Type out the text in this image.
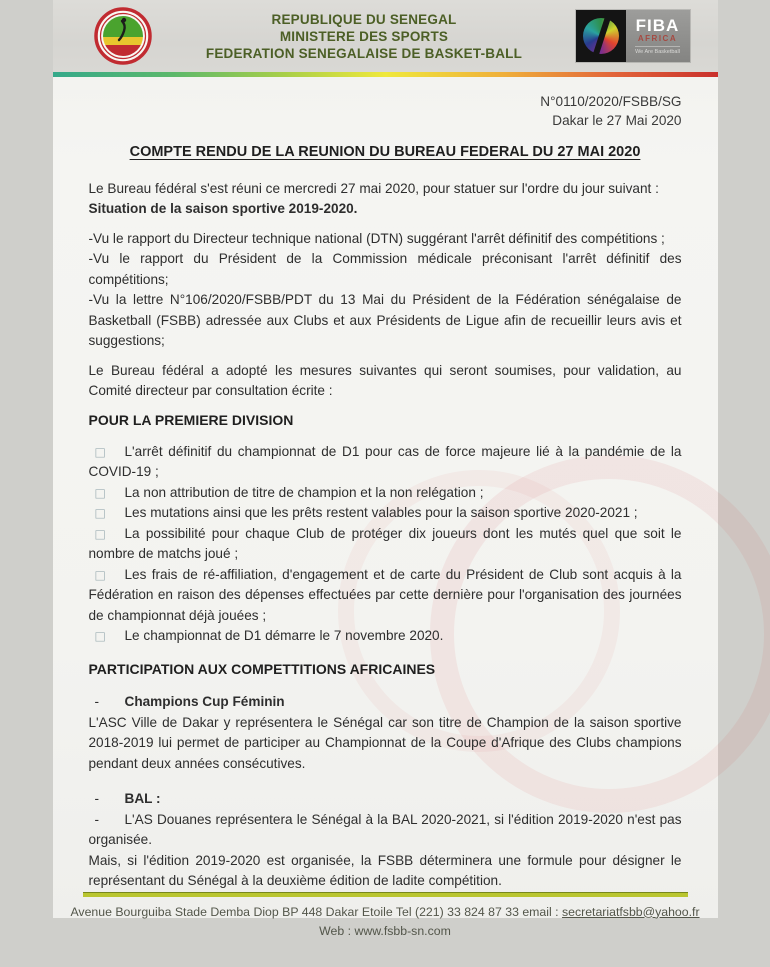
REPUBLIQUE DU SENEGAL
MINISTERE DES SPORTS
FEDERATION SENEGALAISE DE BASKET-BALL
FIBA
AFRICA
We Are Basketball
N°0110/2020/FSBB/SG
Dakar le 27 Mai 2020
COMPTE RENDU DE LA REUNION DU BUREAU FEDERAL DU 27 MAI 2020

Le Bureau fédéral s'est réuni ce mercredi 27 mai 2020, pour statuer sur l'ordre du jour suivant :

Situation de la saison sportive 2019-2020.

-Vu le rapport du Directeur technique national (DTN) suggérant l'arrêt définitif des compétitions ;

-Vu le rapport du Président de la Commission médicale préconisant l'arrêt définitif des compétitions;

-Vu la lettre N°106/2020/FSBB/PDT du 13 Mai du Président de la Fédération sénégalaise de Basketball (FSBB) adressée aux Clubs et aux Présidents de Ligue afin de recueillir leurs avis et suggestions;

Le Bureau fédéral a adopté les mesures suivantes qui seront soumises, pour validation, au Comité directeur par consultation écrite :

POUR LA PREMIERE DIVISION

□ L'arrêt définitif du championnat de D1 pour cas de force majeure lié à la pandémie de la COVID-19 ;

□ La non attribution de titre de champion et la non relégation ;

□ Les mutations ainsi que les prêts restent valables pour la saison sportive 2020-2021 ;

□ La possibilité pour chaque Club de protéger dix joueurs dont les mutés quel que soit le nombre de matchs joué ;

□ Les frais de ré-affiliation, d'engagement et de carte du Président de Club sont acquis à la Fédération en raison des dépenses effectuées par cette dernière pour l'organisation des journées de championnat déjà jouées ;

□ Le championnat de D1 démarre le 7 novembre 2020.

PARTICIPATION AUX COMPETTITIONS AFRICAINES

- Champions Cup Féminin

L'ASC Ville de Dakar y représentera le Sénégal car son titre de Champion de la saison sportive 2018-2019 lui permet de participer au Championnat de la Coupe d'Afrique des Clubs champions pendant deux années consécutives.

- BAL :

- L'AS Douanes représentera le Sénégal à la BAL 2020-2021, si l'édition 2019-2020 n'est pas organisée.

Mais, si l'édition 2019-2020 est organisée, la FSBB déterminera une formule pour désigner le représentant du Sénégal à la deuxième édition de ladite compétition.

Avenue Bourguiba Stade Demba Diop BP 448 Dakar Etoile Tel (221) 33 824 87 33 email : secretariatfsbb@yahoo.fr
Web : www.fsbb-sn.com
